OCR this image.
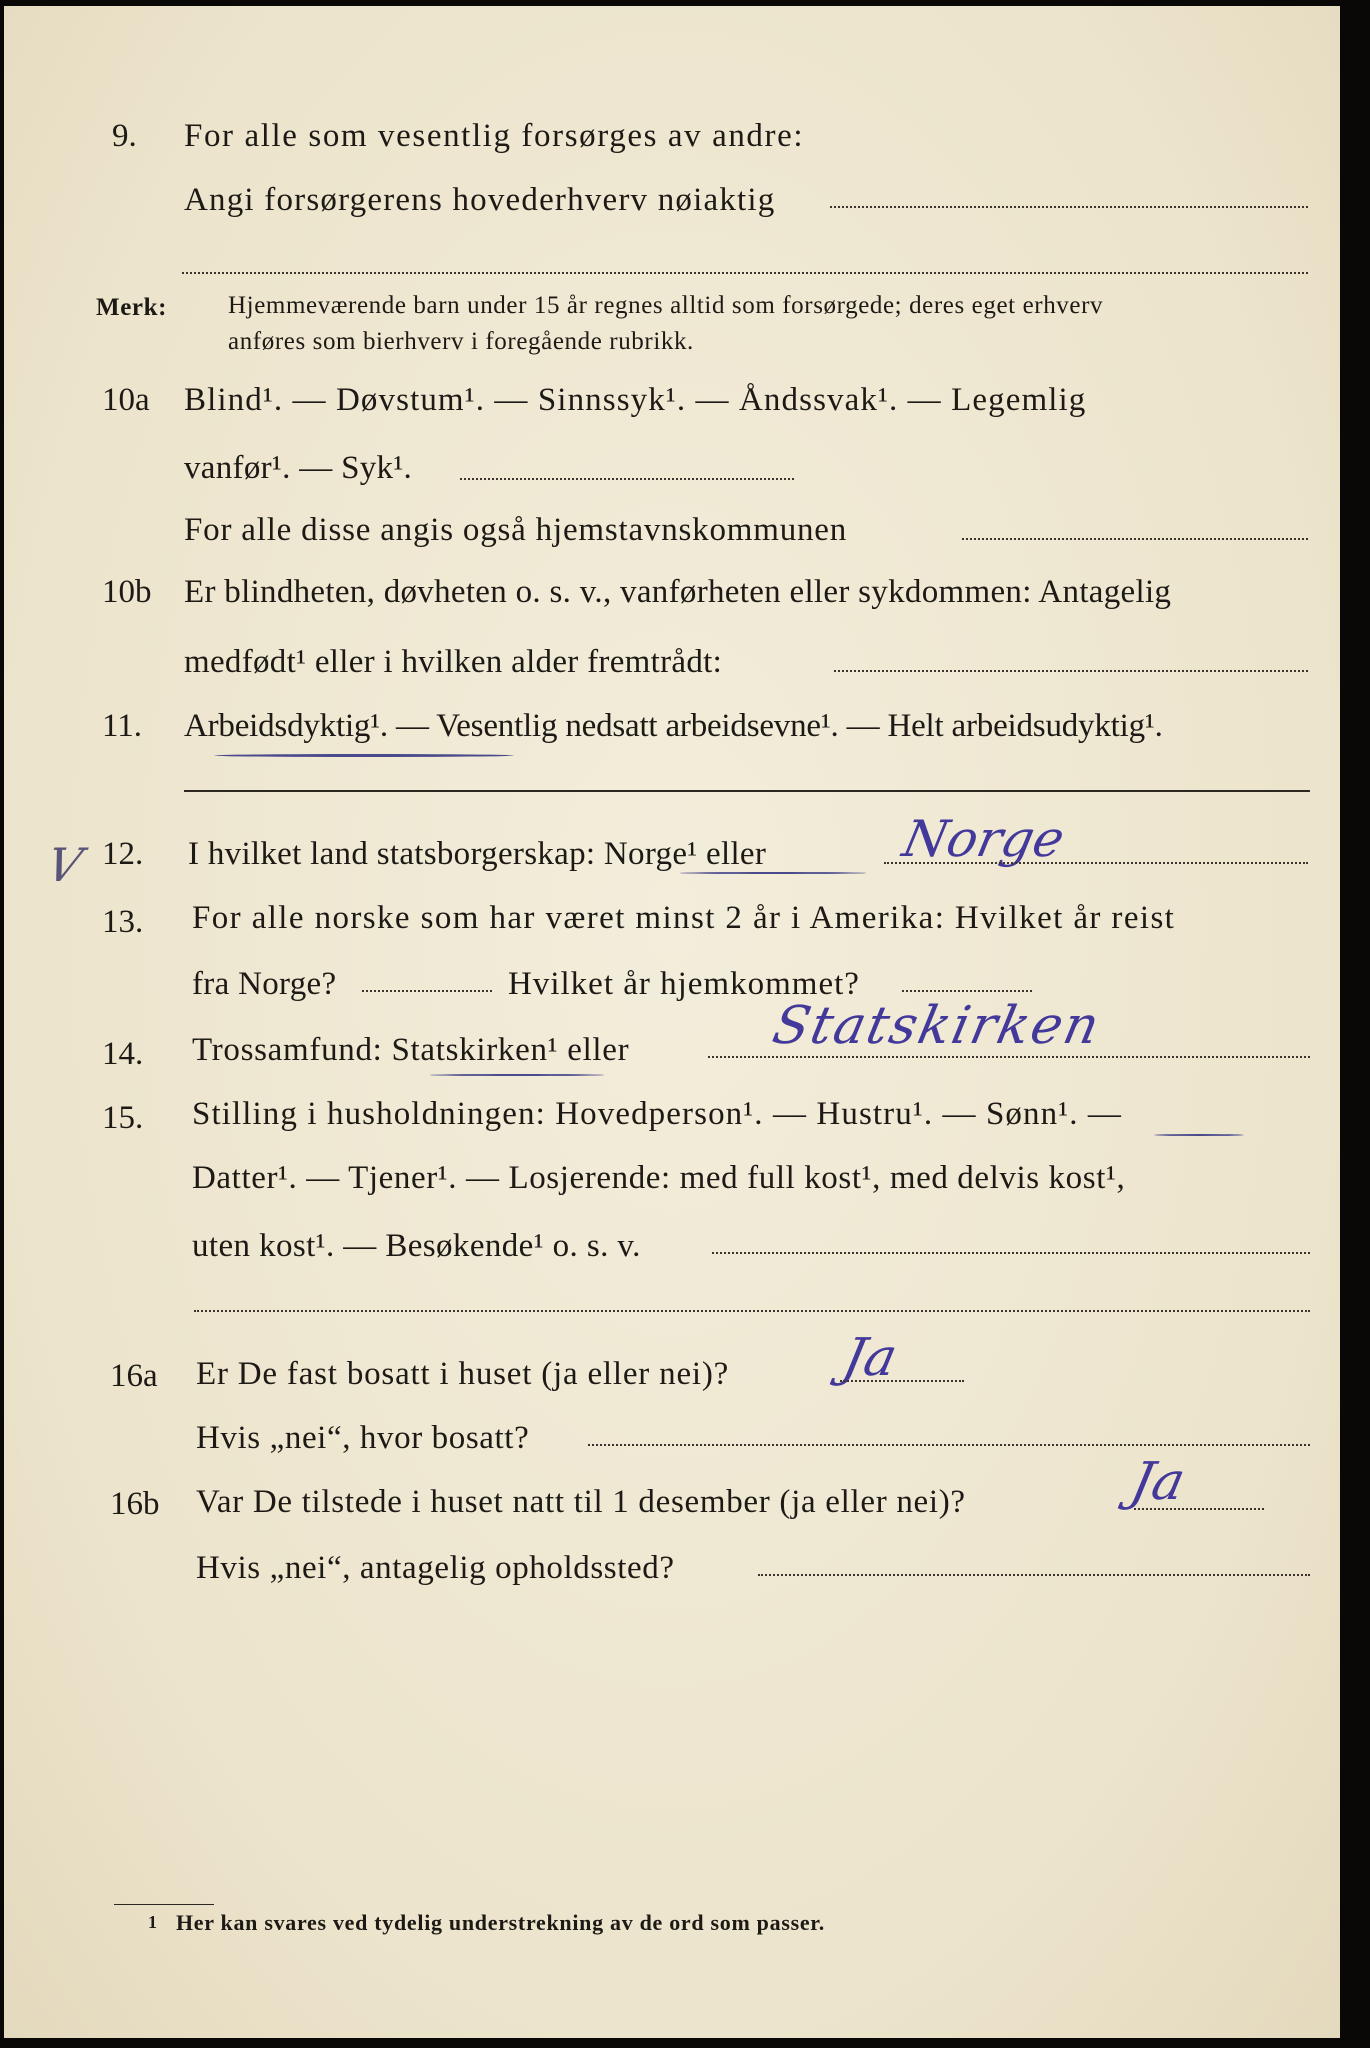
9. For alle som vesentlig forsørges av andre:
Angi forsørgerens hovederhverv nøiaktig
Merk: Hjemmeværende barn under 15 år regnes alltid som forsørgede; deres eget erhverv
anføres som bierhverv i foregående rubrikk.
10a Blind¹. — Døvstum¹. — Sinnssyk¹. — Åndssvak¹. — Legemlig
vanfør¹. — Syk¹.
For alle disse angis også hjemstavnskommunen
10b Er blindheten, døvheten o. s. v., vanførheten eller sykdommen: Antagelig
medfødt¹ eller i hvilken alder fremtrådt:
11. Arbeidsdyktig¹. — Vesentlig nedsatt arbeidsevne¹. — Helt arbeidsudyktig¹.
V 12. I hvilket land statsborgerskap: Norge¹ eller	Norge
13. For alle norske som har været minst 2 år i Amerika: Hvilket år reist
fra Norge?	Hvilket år hjemkommet?
14. Trossamfund: Statskirken¹ eller	Statskirken
15. Stilling i husholdningen: Hovedperson¹. — Hustru¹. — Sønn¹. —
Datter¹. — Tjener¹. — Losjerende: med full kost¹, med delvis kost¹,
uten kost¹. — Besøkende¹ o. s. v.
16a Er De fast bosatt i huset (ja eller nei)? Ja
Hvis „nei“, hvor bosatt?
16b Var De tilstede i huset natt til 1 desember (ja eller nei)?	Ja
Hvis „nei“, antagelig opholdssted?
1 Her kan svares ved tydelig understrekning av de ord som passer.
